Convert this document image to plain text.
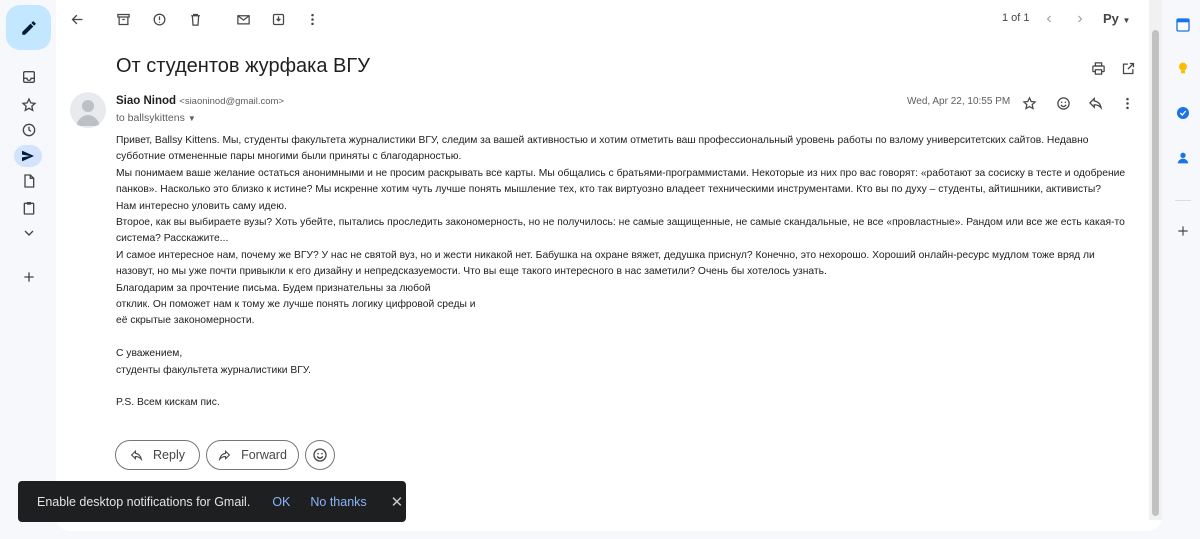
1 of 1	‹	›	Ру ▼
От студентов журфака ВГУ
Siao Ninod <siaoninod@gmail.com>
to ballsykittens ▼
Wed, Apr 22, 10:55 PM

Привет, Ballsy Kittens. Мы, студенты факультета журналистики ВГУ, следим за вашей активностью и хотим отметить ваш профессиональный уровень работы по взлому университетских сайтов. Недавно

субботние отмененные пары многими были приняты с благодарностью.

Мы понимаем ваше желание остаться анонимными и не просим раскрывать все карты. Мы общались с братьями-программистами. Некоторые из них про вас говорят: «работают за сосиску в тесте и одобрение

панков». Насколько это близко к истине? Мы искренне хотим чуть лучше понять мышление тех, кто так виртуозно владеет техническими инструментами. Кто вы по духу – студенты, айтишники, активисты?

Нам интересно уловить саму идею.

Второе, как вы выбираете вузы? Хоть убейте, пытались проследить закономерность, но не получилось: не самые защищенные, не самые скандальные, не все «провластные». Рандом или все же есть какая-то

система? Расскажите...

И самое интересное нам, почему же ВГУ? У нас не святой вуз, но и жести никакой нет. Бабушка на охране вяжет, дедушка приснул? Конечно, это нехорошо. Хороший онлайн-ресурс мудлом тоже вряд ли

назовут, но мы уже почти привыкли к его дизайну и непредсказуемости. Что вы еще такого интересного в нас заметили? Очень бы хотелось узнать.

Благодарим за прочтение письма. Будем признательны за любой

отклик. Он поможет нам к тому же лучше понять логику цифровой среды и

её скрытые закономерности.

С уважением,

студенты факультета журналистики ВГУ.

P.S. Всем кискам пис.

Reply	Forward
Enable desktop notifications for Gmail. OK No thanks ✕
